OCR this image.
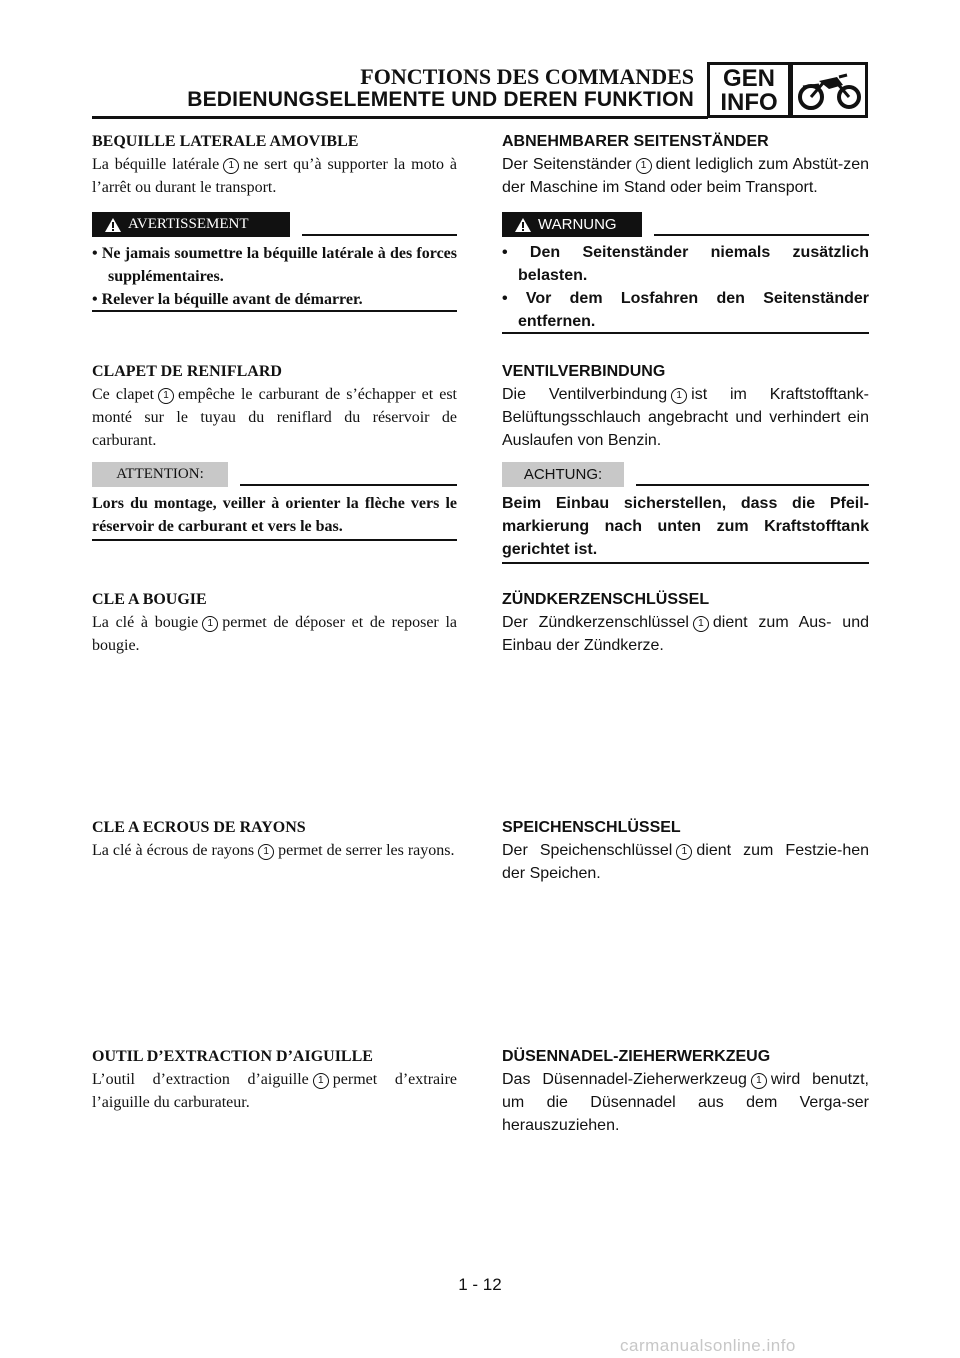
FONCTIONS DES COMMANDES
BEDIENUNGSELEMENTE UND DEREN FUNKTION
GEN
INFO

BEQUILLE LATERALE AMOVIBLE

La béquille latérale 1 ne sert qu’à supporter la moto à l’arrêt ou durant le transport.

AVERTISSEMENT

• Ne jamais soumettre la béquille latérale à des forces supplémentaires.

• Relever la béquille avant de démarrer.

CLAPET DE RENIFLARD

Ce clapet 1 empêche le carburant de s’échapper et est monté sur le tuyau du reniflard du réservoir de carburant.

ATTENTION:

Lors du montage, veiller à orienter la flèche vers le réservoir de carburant et vers le bas.

CLE A BOUGIE

La clé à bougie 1 permet de déposer et de reposer la bougie.

CLE A ECROUS DE RAYONS

La clé à écrous de rayons 1 permet de serrer les rayons.

OUTIL D’EXTRACTION D’AIGUILLE

L’outil d’extraction d’aiguille 1 permet d’extraire l’aiguille du carburateur.

ABNEHMBARER SEITENSTÄNDER

Der Seitenständer 1 dient lediglich zum Abstüt-zen der Maschine im Stand oder beim Transport.

WARNUNG

• Den Seitenständer niemals zusätzlich belasten.

• Vor dem Losfahren den Seitenständer entfernen.

VENTILVERBINDUNG

Die Ventilverbindung 1 ist im Kraftstofftank-Belüftungsschlauch angebracht und verhindert ein Auslaufen von Benzin.

ACHTUNG:

Beim Einbau sicherstellen, dass die Pfeil-markierung nach unten zum Kraftstofftank gerichtet ist.

ZÜNDKERZENSCHLÜSSEL

Der Zündkerzenschlüssel 1 dient zum Aus- und Einbau der Zündkerze.

SPEICHENSCHLÜSSEL

Der Speichenschlüssel 1 dient zum Festzie-hen der Speichen.

DÜSENNADEL-ZIEHERWERKZEUG

Das Düsennadel-Zieherwerkzeug 1 wird benutzt, um die Düsennadel aus dem Verga-ser herauszuziehen.

1 - 12
carmanualsonline.info
